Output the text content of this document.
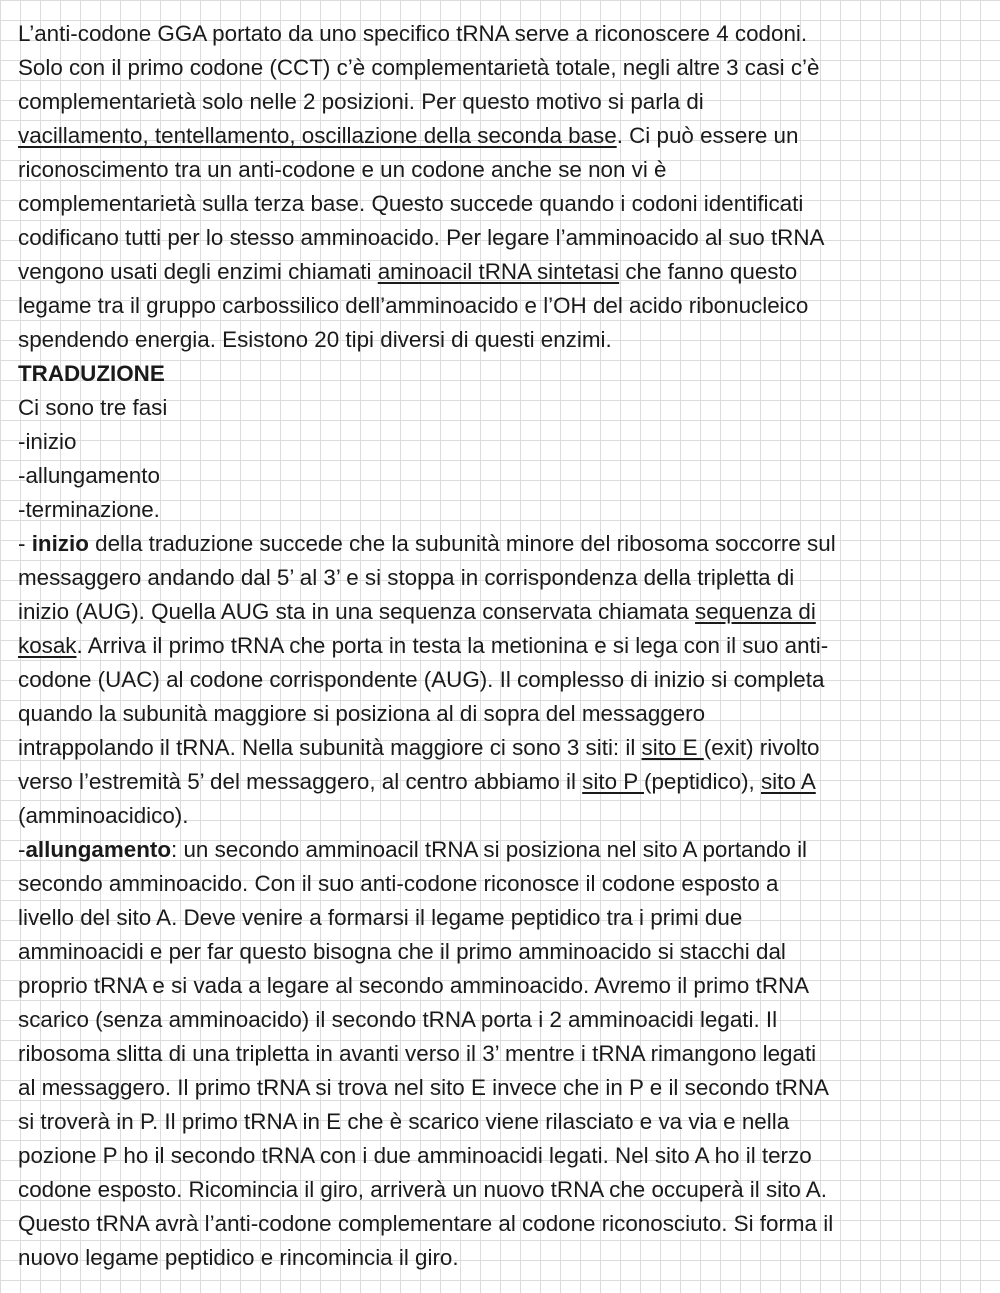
L’anti-codone GGA portato da uno specifico tRNA serve a riconoscere 4 codoni.
Solo con il primo codone (CCT) c’è complementarietà totale, negli altre 3 casi c’è
complementarietà solo nelle 2 posizioni. Per questo motivo si parla di
vacillamento, tentellamento, oscillazione della seconda base. Ci può essere un
riconoscimento tra un anti-codone e un codone anche se non vi è
complementarietà sulla terza base. Questo succede quando i codoni identificati
codificano tutti per lo stesso amminoacido. Per legare l’amminoacido al suo tRNA
vengono usati degli enzimi chiamati aminoacil tRNA sintetasi che fanno questo
legame tra il gruppo carbossilico dell’amminoacido e l’OH del acido ribonucleico
spendendo energia. Esistono 20 tipi diversi di questi enzimi.
TRADUZIONE
Ci sono tre fasi
-inizio
-allungamento
-terminazione.
- inizio della traduzione succede che la subunità minore del ribosoma soccorre sul
messaggero andando dal 5’ al 3’ e si stoppa in corrispondenza della tripletta di
inizio (AUG). Quella AUG sta in una sequenza conservata chiamata sequenza di
kosak. Arriva il primo tRNA che porta in testa la metionina e si lega con il suo anti-
codone (UAC) al codone corrispondente (AUG). Il complesso di inizio si completa
quando la subunità maggiore si posiziona al di sopra del messaggero
intrappolando il tRNA. Nella subunità maggiore ci sono 3 siti: il sito E (exit) rivolto
verso l’estremità 5’ del messaggero, al centro abbiamo il sito P (peptidico), sito A
(amminoacidico).
-allungamento: un secondo amminoacil tRNA si posiziona nel sito A portando il
secondo amminoacido. Con il suo anti-codone riconosce il codone esposto a
livello del sito A. Deve venire a formarsi il legame peptidico tra i primi due
amminoacidi e per far questo bisogna che il primo amminoacido si stacchi dal
proprio tRNA e si vada a legare al secondo amminoacido. Avremo il primo tRNA
scarico (senza amminoacido) il secondo tRNA porta i 2 amminoacidi legati. Il
ribosoma slitta di una tripletta in avanti verso il 3’ mentre i tRNA rimangono legati
al messaggero. Il primo tRNA si trova nel sito E invece che in P e il secondo tRNA
si troverà in P. Il primo tRNA in E che è scarico viene rilasciato e va via e nella
pozione P ho il secondo tRNA con i due amminoacidi legati. Nel sito A ho il terzo
codone esposto. Ricomincia il giro, arriverà un nuovo tRNA che occuperà il sito A.
Questo tRNA avrà l’anti-codone complementare al codone riconosciuto. Si forma il
nuovo legame peptidico e rincomincia il giro.
